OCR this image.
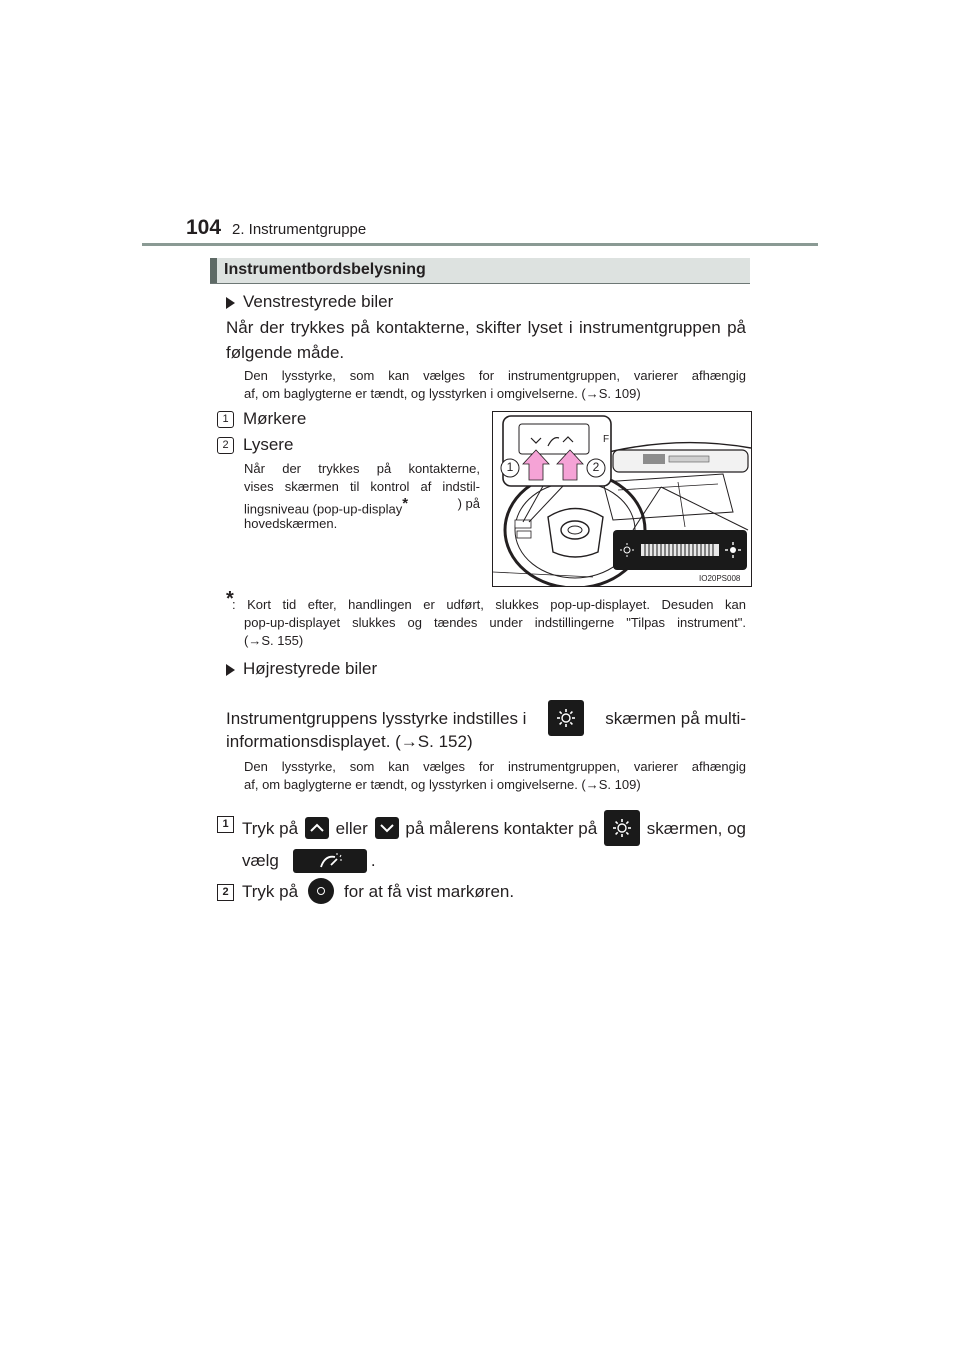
104 2. Instrumentgruppe
Instrumentbordsbelysning
Venstrestyrede biler
Når der trykkes på kontakterne, skifter lyset i instrumentgruppen på
følgende måde.
Den lysstyrke, som kan vælges for instrumentgruppen, varierer afhængig
af, om baglygterne er tændt, og lysstyrken i omgivelserne. (→S. 109)
1 Mørkere
2 Lysere
Når der trykkes på kontakterne,
vises skærmen til kontrol af indstil-
lingsniveau (pop-up-display*	) på
hovedskærmen.
F
1	2
IO20PS008
*
: Kort tid efter, handlingen er udført, slukkes pop-up-displayet. Desuden kan
pop-up-displayet slukkes og tændes under indstillingerne "Tilpas instrument".
(→S. 155)
Højrestyrede biler
Instrumentgruppens lysstyrke indstilles i	skærmen på multi-
informationsdisplayet. (→S. 152)
Den lysstyrke, som kan vælges for instrumentgruppen, varierer afhængig
af, om baglygterne er tændt, og lysstyrken i omgivelserne. (→S. 109)
1 Tryk på eller på målerens kontakter på	skærmen, og
vælg	.
2 Tryk på	for at få vist markøren.
